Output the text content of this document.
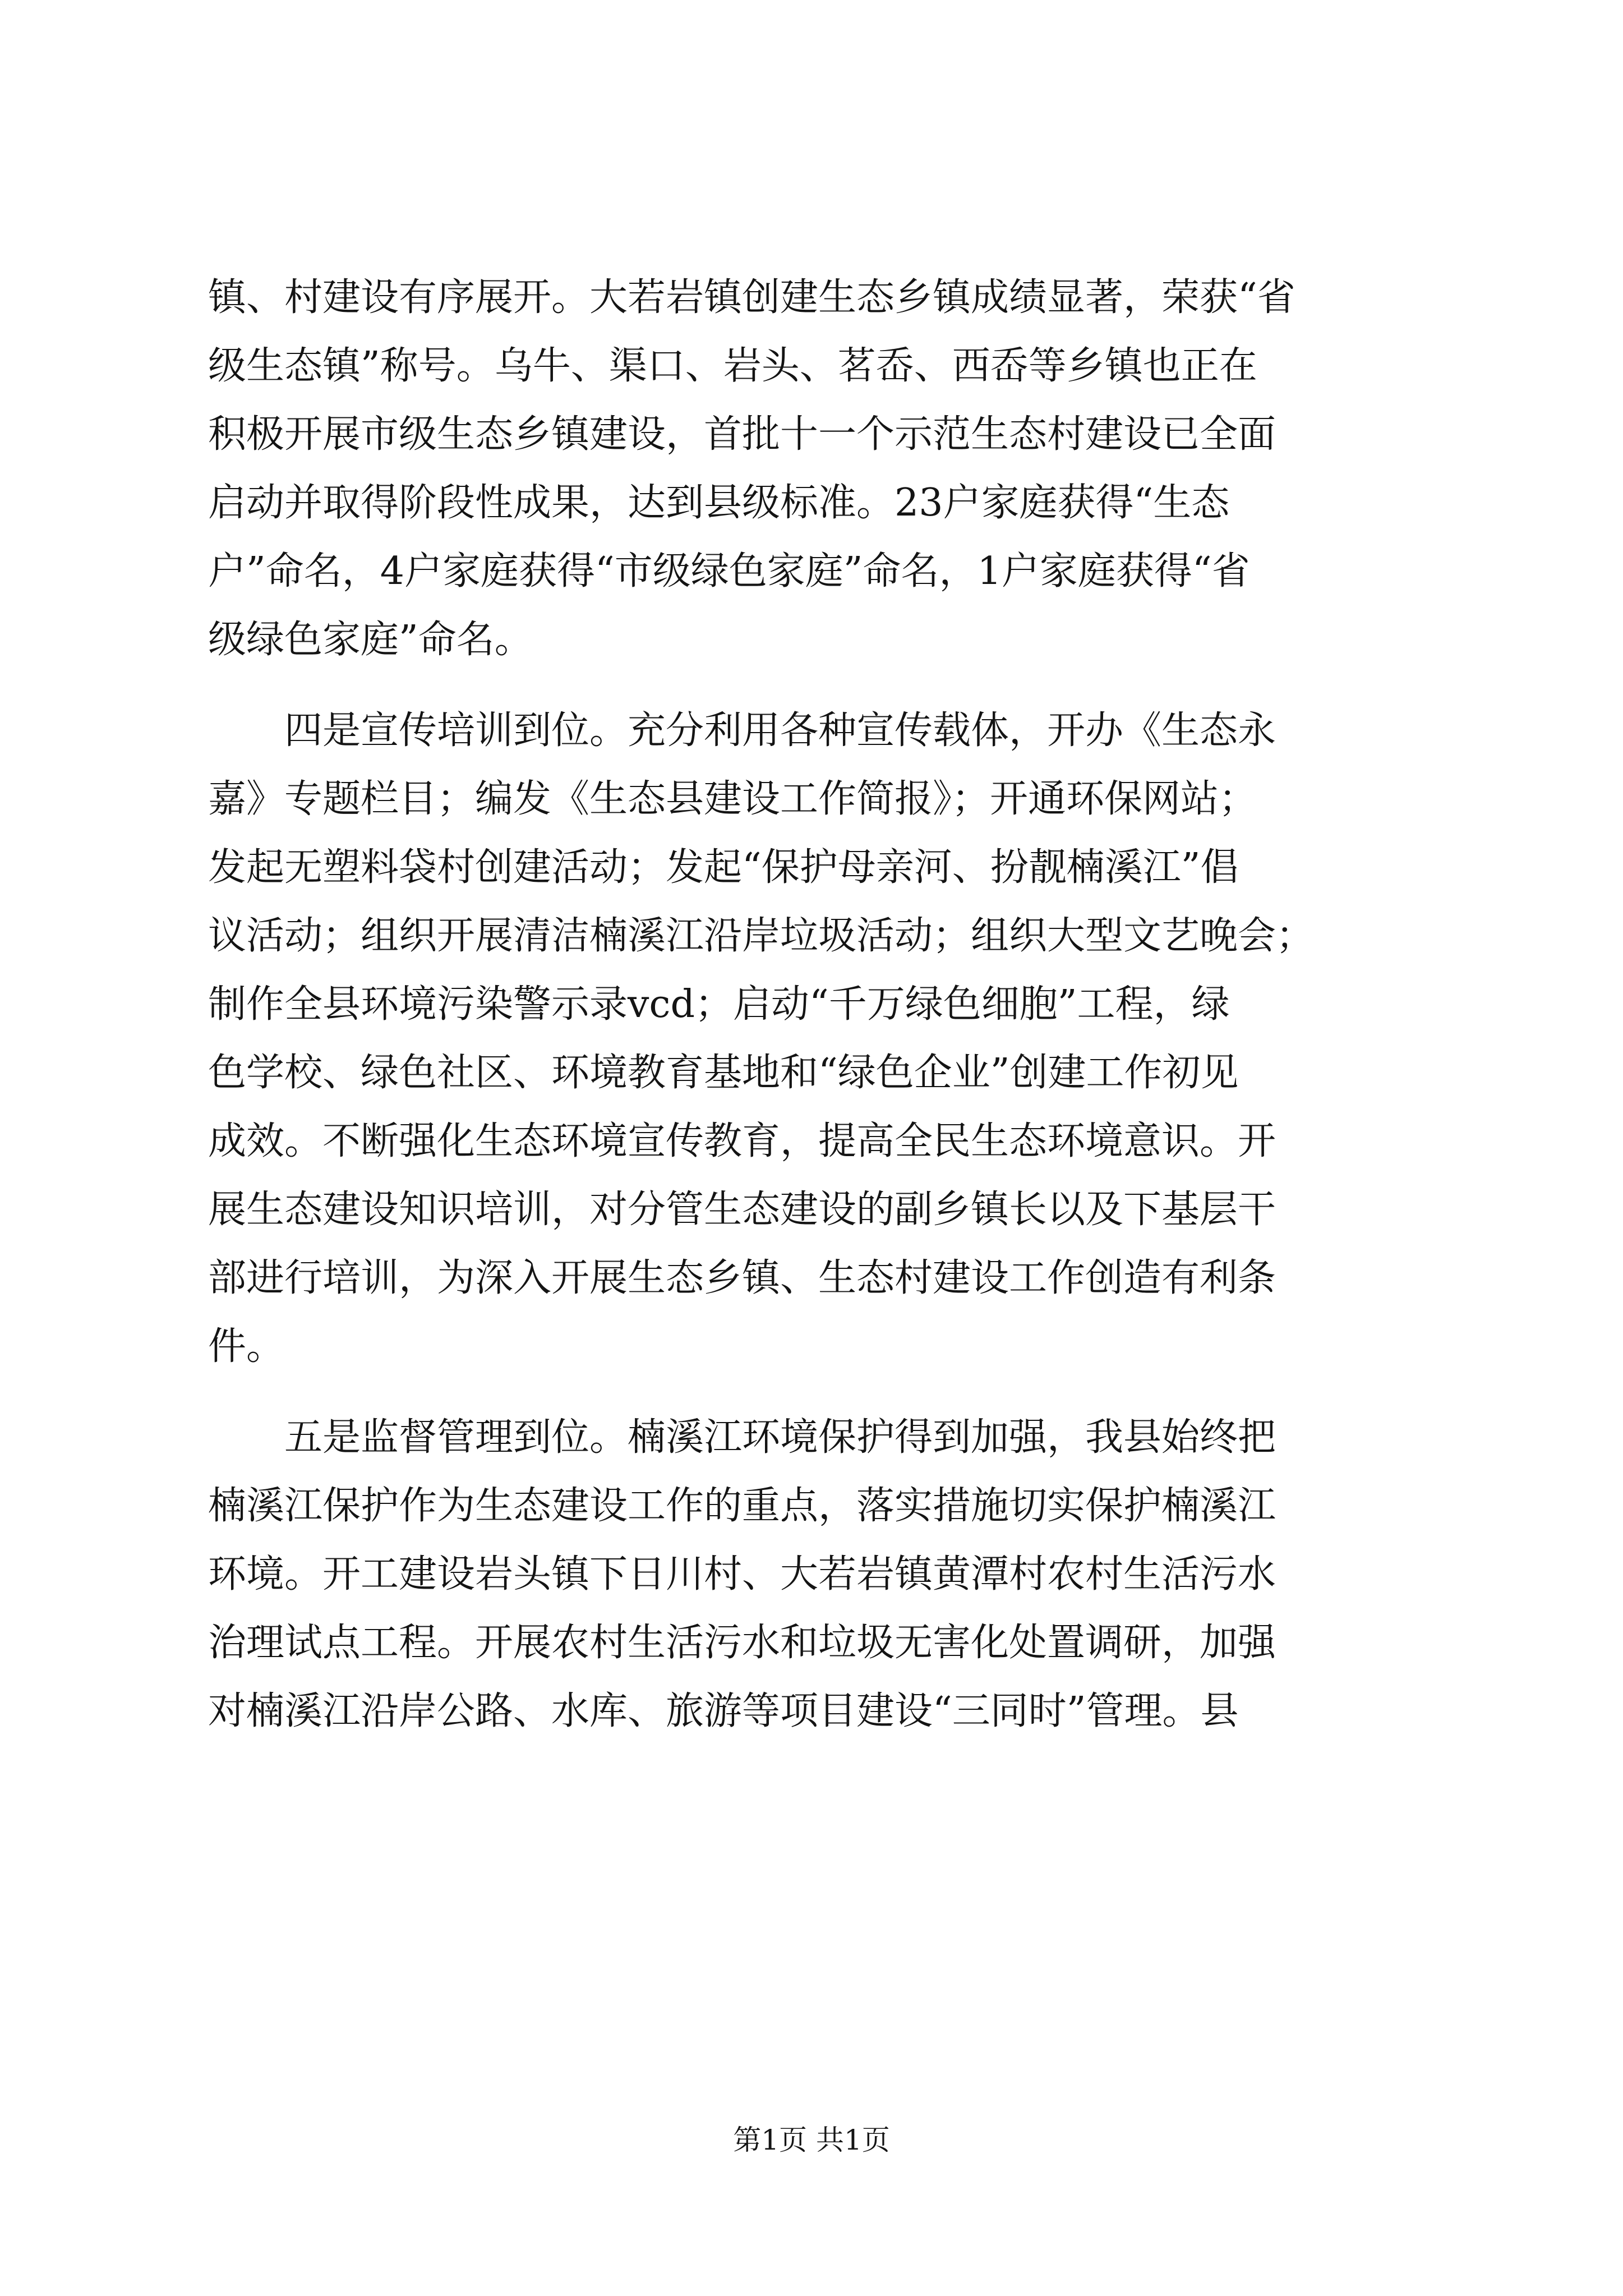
镇、村建设有序展开。大若岩镇创建生态乡镇成绩显著，荣获“省
级生态镇”称号。乌牛、渠口、岩头、茗岙、西岙等乡镇也正在
积极开展市级生态乡镇建设，首批十一个示范生态村建设已全面
启动并取得阶段性成果，达到县级标准。23户家庭获得“生态
户”命名，4户家庭获得“市级绿色家庭”命名，1户家庭获得“省
级绿色家庭”命名。

　　四是宣传培训到位。充分利用各种宣传载体，开办《生态永
嘉》专题栏目；编发《生态县建设工作简报》；开通环保网站；
发起无塑料袋村创建活动；发起“保护母亲河、扮靓楠溪江”倡
议活动；组织开展清洁楠溪江沿岸垃圾活动；组织大型文艺晚会；
制作全县环境污染警示录vcd；启动“千万绿色细胞”工程，绿
色学校、绿色社区、环境教育基地和“绿色企业”创建工作初见
成效。不断强化生态环境宣传教育，提高全民生态环境意识。开
展生态建设知识培训，对分管生态建设的副乡镇长以及下基层干
部进行培训，为深入开展生态乡镇、生态村建设工作创造有利条
件。

　　五是监督管理到位。楠溪江环境保护得到加强，我县始终把
楠溪江保护作为生态建设工作的重点，落实措施切实保护楠溪江
环境。开工建设岩头镇下日川村、大若岩镇黄潭村农村生活污水
治理试点工程。开展农村生活污水和垃圾无害化处置调研，加强
对楠溪江沿岸公路、水库、旅游等项目建设“三同时”管理。县

第1页 共1页
